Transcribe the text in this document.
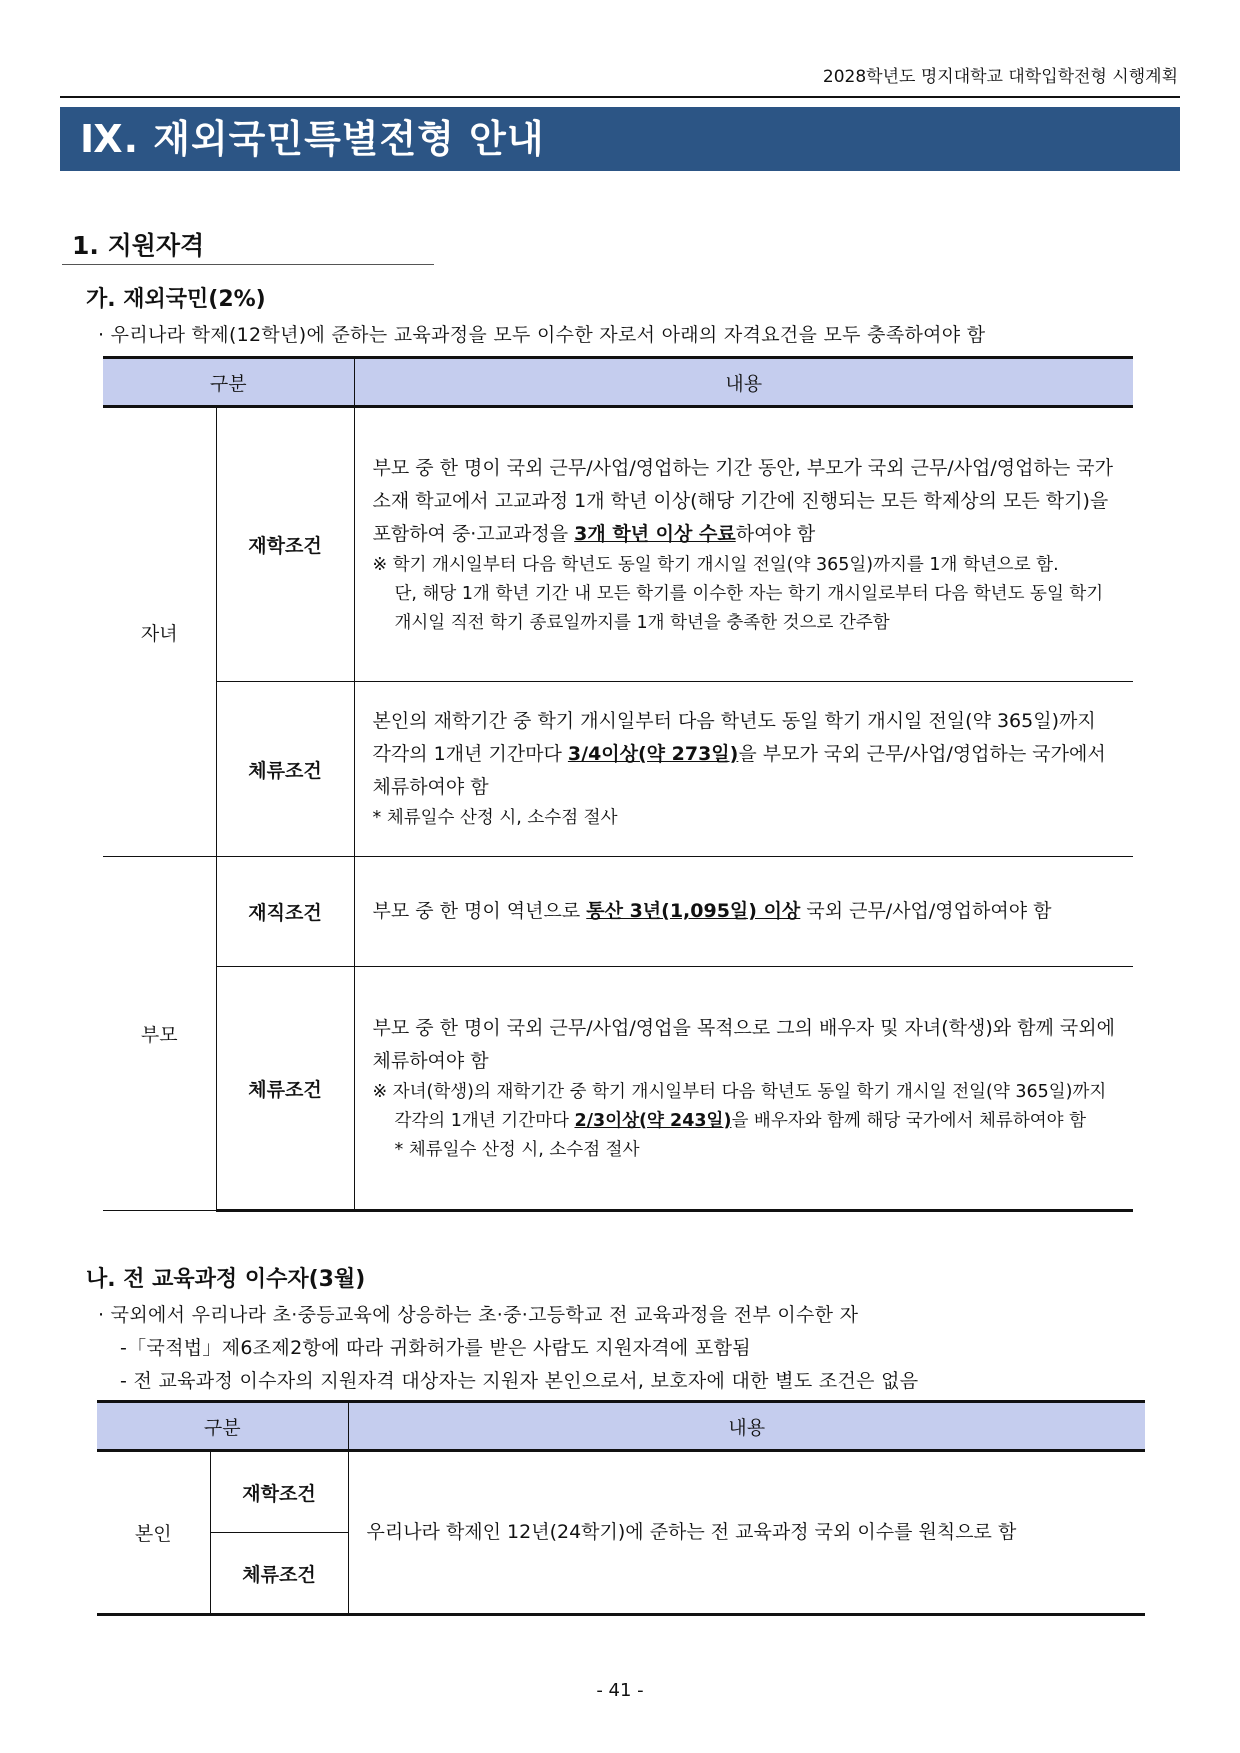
2028학년도 명지대학교 대학입학전형 시행계획
Ⅸ. 재외국민특별전형 안내
1. 지원자격
가. 재외국민(2%)
· 우리나라 학제(12학년)에 준하는 교육과정을 모두 이수한 자로서 아래의 자격요건을 모두 충족하여야 함
구분		내용
자녀	재학조건	부모 중 한 명이 국외 근무/사업/영업하는 기간 동안, 부모가 국외 근무/사업/영업하는 국가 소재 학교에서 고교과정 1개 학년 이상(해당 기간에 진행되는 모든 학제상의 모든 학기)을 포함하여 중·고교과정을 3개 학년 이상 수료하여야 함
※ 학기 개시일부터 다음 학년도 동일 학기 개시일 전일(약 365일)까지를 1개 학년으로 함.
단, 해당 1개 학년 기간 내 모든 학기를 이수한 자는 학기 개시일로부터 다음 학년도 동일 학기 개시일 직전 학기 종료일까지를 1개 학년을 충족한 것으로 간주함

	체류조건	본인의 재학기간 중 학기 개시일부터 다음 학년도 동일 학기 개시일 전일(약 365일)까지 각각의 1개년 기간마다 3/4이상(약 273일)을 부모가 국외 근무/사업/영업하는 국가에서 체류하여야 함
* 체류일수 산정 시, 소수점 절사

부모	재직조건	부모 중 한 명이 역년으로 통산 3년(1,095일) 이상 국외 근무/사업/영업하여야 함
	체류조건	부모 중 한 명이 국외 근무/사업/영업을 목적으로 그의 배우자 및 자녀(학생)와 함께 국외에 체류하여야 함
※ 자녀(학생)의 재학기간 중 학기 개시일부터 다음 학년도 동일 학기 개시일 전일(약 365일)까지
각각의 1개년 기간마다 2/3이상(약 243일)을 배우자와 함께 해당 국가에서 체류하여야 함
* 체류일수 산정 시, 소수점 절사
나. 전 교육과정 이수자(3월)
· 국외에서 우리나라 초·중등교육에 상응하는 초·중·고등학교 전 교육과정을 전부 이수한 자
-「국적법」제6조제2항에 따라 귀화허가를 받은 사람도 지원자격에 포함됨
- 전 교육과정 이수자의 지원자격 대상자는 지원자 본인으로서, 보호자에 대한 별도 조건은 없음
구분		내용
본인	재학조건	우리나라 학제인 12년(24학기)에 준하는 전 교육과정 국외 이수를 원칙으로 함
	체류조건	
- 41 -
